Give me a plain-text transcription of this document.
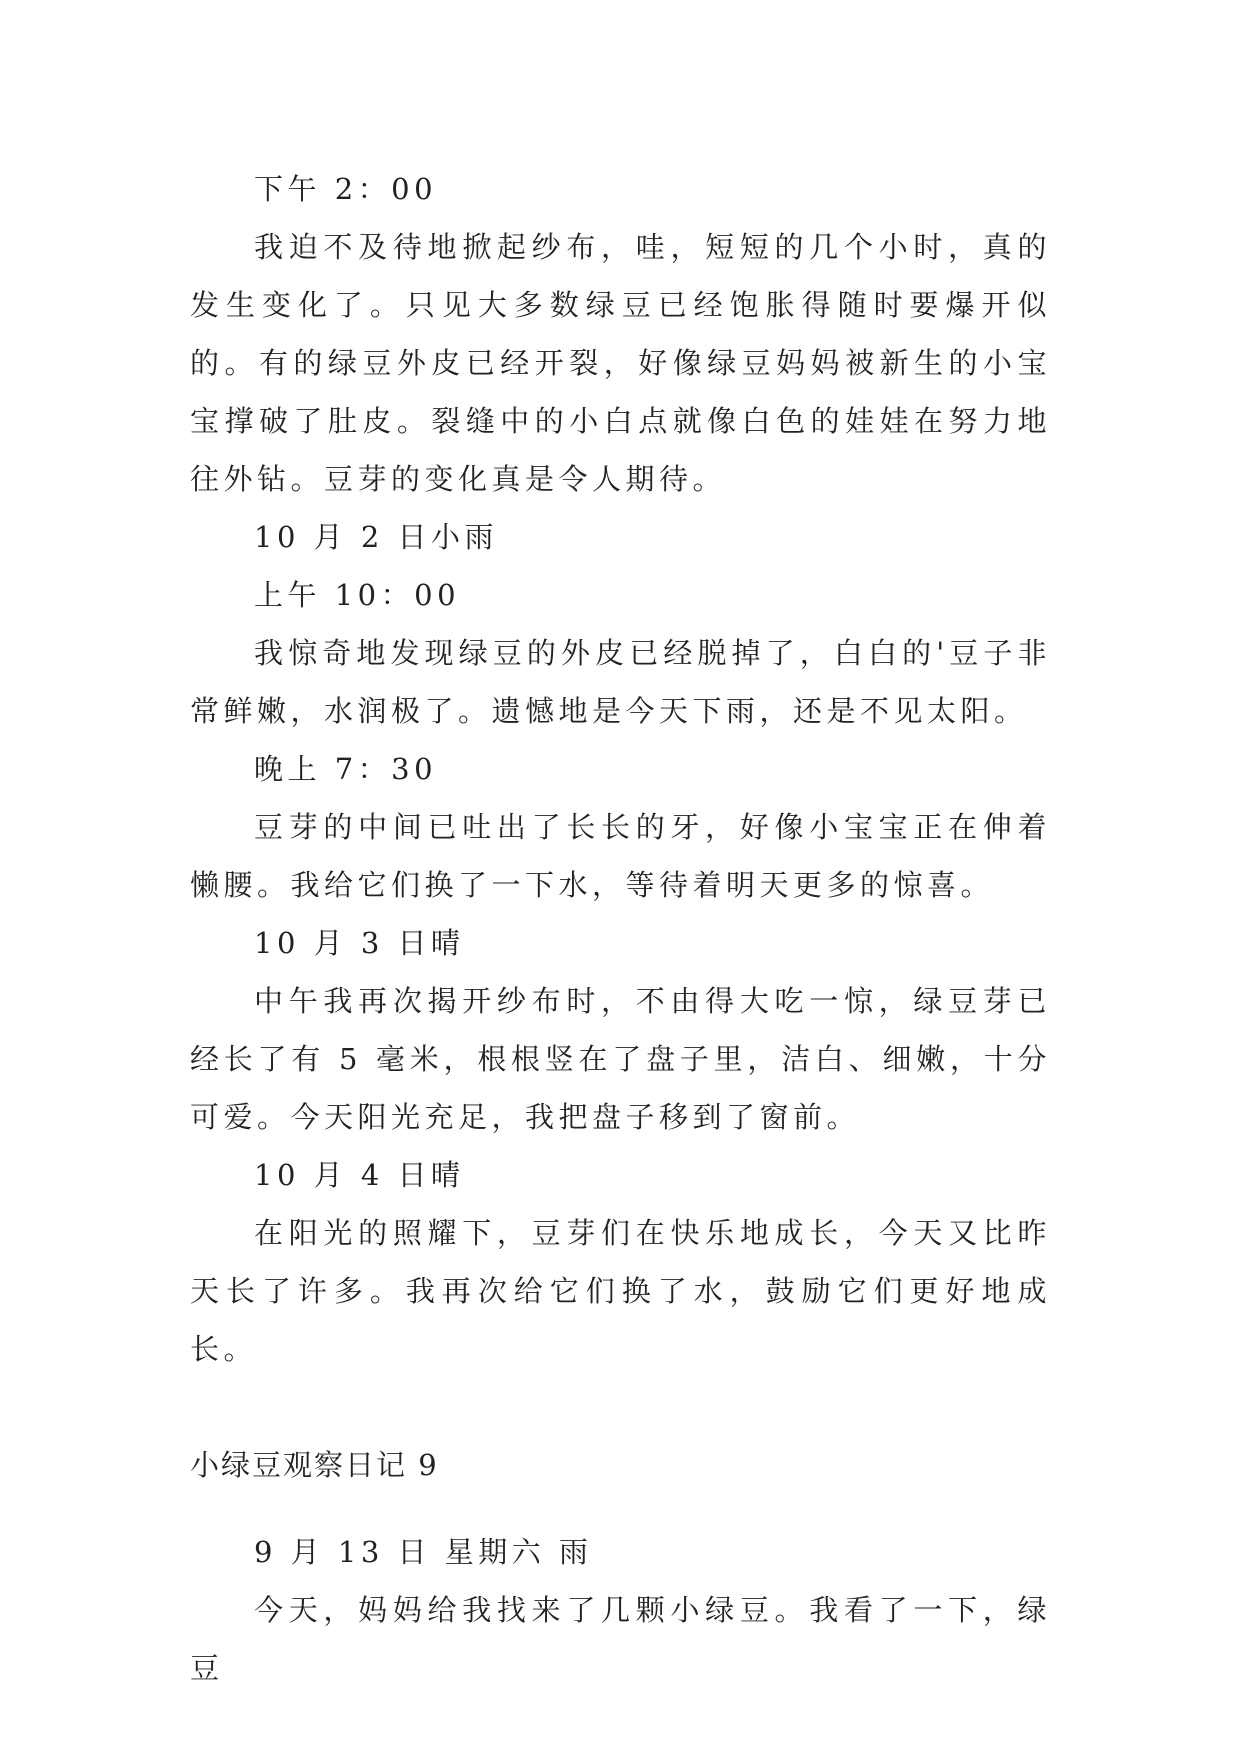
下午 2：00

我迫不及待地掀起纱布，哇，短短的几个小时，真的发生变化了。只见大多数绿豆已经饱胀得随时要爆开似的。有的绿豆外皮已经开裂，好像绿豆妈妈被新生的小宝宝撑破了肚皮。裂缝中的小白点就像白色的娃娃在努力地往外钻。豆芽的变化真是令人期待。

10 月 2 日小雨

上午 10：00

我惊奇地发现绿豆的外皮已经脱掉了，白白的'豆子非常鲜嫩，水润极了。遗憾地是今天下雨，还是不见太阳。

晚上 7：30

豆芽的中间已吐出了长长的牙，好像小宝宝正在伸着懒腰。我给它们换了一下水，等待着明天更多的惊喜。

10 月 3 日晴

中午我再次揭开纱布时，不由得大吃一惊，绿豆芽已经长了有 5 毫米，根根竖在了盘子里，洁白、细嫩，十分可爱。今天阳光充足，我把盘子移到了窗前。

10 月 4 日晴

在阳光的照耀下，豆芽们在快乐地成长，今天又比昨天长了许多。我再次给它们换了水，鼓励它们更好地成长。

小绿豆观察日记 9

9 月 13 日 星期六 雨

今天，妈妈给我找来了几颗小绿豆。我看了一下，绿豆
